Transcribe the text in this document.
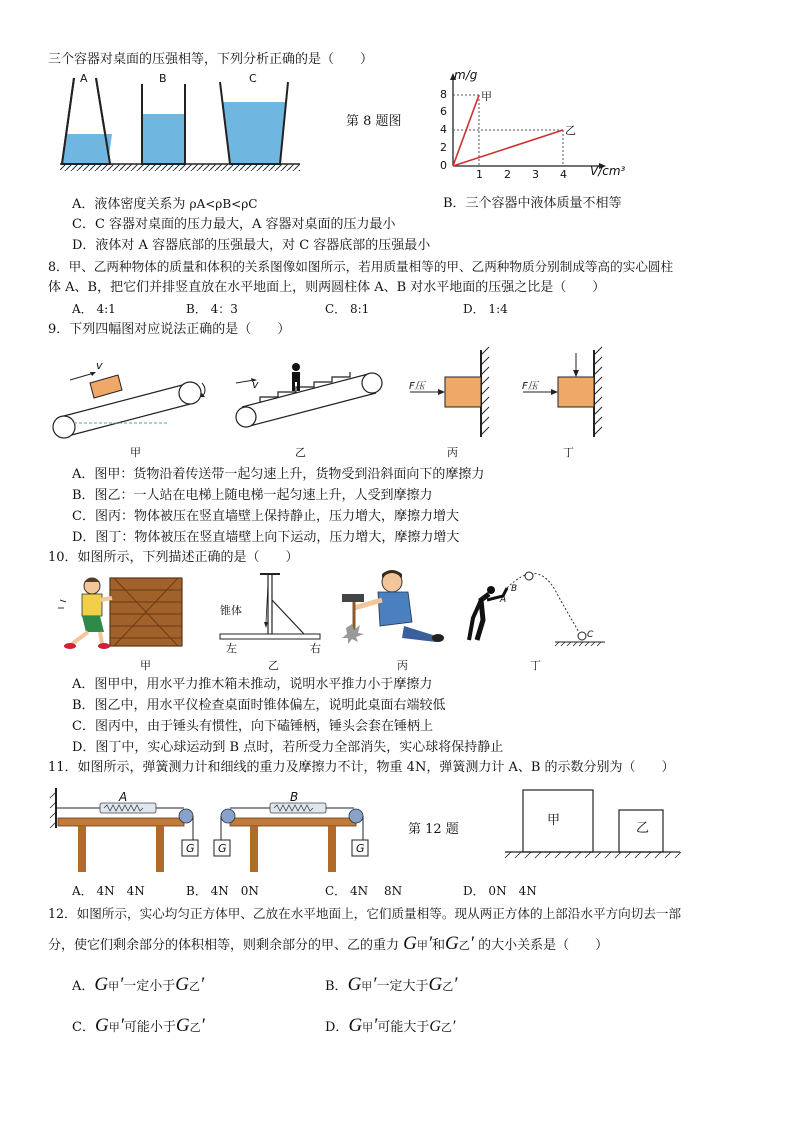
三个容器对桌面的压强相等，下列分析正确的是（　　）
A	B	C
第 8 题图
m/g
8
6
4
2
0
1 2 3 4 V/cm³
甲
乙
A．液体密度关系为 ρA<ρB<ρC	B．三个容器中液体质量不相等
C．C 容器对桌面的压力最大，A 容器对桌面的压力最小
D．液体对 A 容器底部的压强最大，对 C 容器底部的压强最小
8．甲、乙两种物体的质量和体积的关系图像如图所示，若用质量相等的甲、乙两种物质分别制成等高的实心圆柱
体 A、B，把它们并排竖直放在水平地面上，则两圆柱体 A、B 对水平地面的压强之比是（　　）
A． 4:1	B． 4：3	C． 8:1	D． 1:4
9．下列四幅图对应说法正确的是（　　）
v
v	F压	F压
甲	乙	丙	丁
A．图甲：货物沿着传送带一起匀速上升，货物受到沿斜面向下的摩擦力
B．图乙：一人站在电梯上随电梯一起匀速上升，人受到摩擦力
C．图丙：物体被压在竖直墙壁上保持静止，压力增大，摩擦力增大
D．图丁：物体被压在竖直墙壁上向下运动，压力增大，摩擦力增大
10．如图所示，下列描述正确的是（　　）
锥体
左	右
A
B
C
甲	乙	丙	丁
A．图甲中，用水平力推木箱未推动，说明水平推力小于摩擦力
B．图乙中，用水平仪检查桌面时锥体偏左，说明此桌面右端较低
C．图丙中，由于锤头有惯性，向下磕锤柄，锤头会套在锤柄上
D．图丁中，实心球运动到 B 点时，若所受力全部消失，实心球将保持静止
11．如图所示，弹簧测力计和细线的重力及摩擦力不计，物重 4N，弹簧测力计 A、B 的示数分别为（　　）
A	B
G G	G
第 12 题
甲
乙
A． 4N　4N	B． 4N　0N	C． 4N　 8N	D． 0N　4N
12．如图所示，实心均匀正方体甲、乙放在水平地面上，它们质量相等。现从两正方体的上部沿水平方向切去一部
分，使它们剩余部分的体积相等，则剩余部分的甲、乙的重力 G甲′和G乙′ 的大小关系是（　　）
A．G甲′一定小于G乙′	B．G甲′一定大于G乙′
C．G甲′可能小于G乙′	D．G甲′可能大于G乙′
